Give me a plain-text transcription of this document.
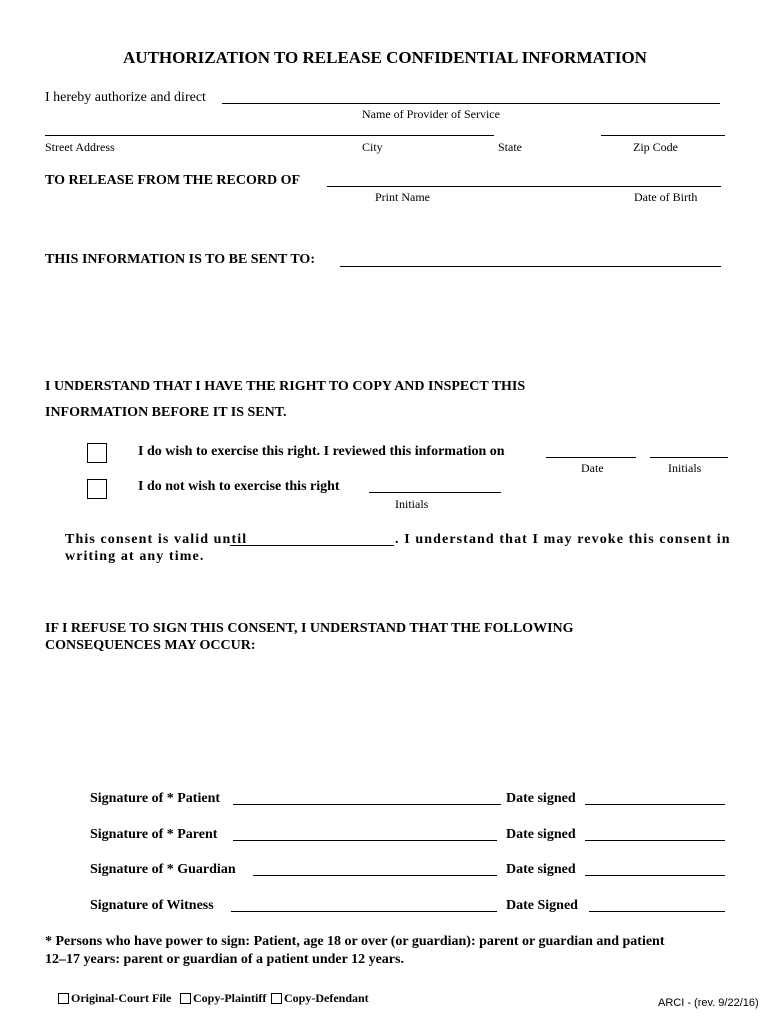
AUTHORIZATION TO RELEASE CONFIDENTIAL INFORMATION
I hereby authorize and direct
Name of Provider of Service
Street Address	City	State	Zip Code
TO RELEASE FROM THE RECORD OF
Print Name	Date of Birth
THIS INFORMATION IS TO BE SENT TO:
I UNDERSTAND THAT I HAVE THE RIGHT TO COPY AND INSPECT THIS
INFORMATION BEFORE IT IS SENT.
I do wish to exercise this right. I reviewed this information on
Date	Initials
I do not wish to exercise this right
Initials
This consent is valid until	. I understand that I may revoke this consent in
writing at any time.
IF I REFUSE TO SIGN THIS CONSENT, I UNDERSTAND THAT THE FOLLOWING
CONSEQUENCES MAY OCCUR:
Signature of * Patient	Date signed
Signature of * Parent	Date signed
Signature of * Guardian	Date signed
Signature of Witness	Date Signed
* Persons who have power to sign: Patient, age 18 or over (or guardian): parent or guardian and patient
12–17 years: parent or guardian of a patient under 12 years.
Original-Court File Copy-Plaintiff Copy-Defendant	ARCI - (rev. 9/22/16)
